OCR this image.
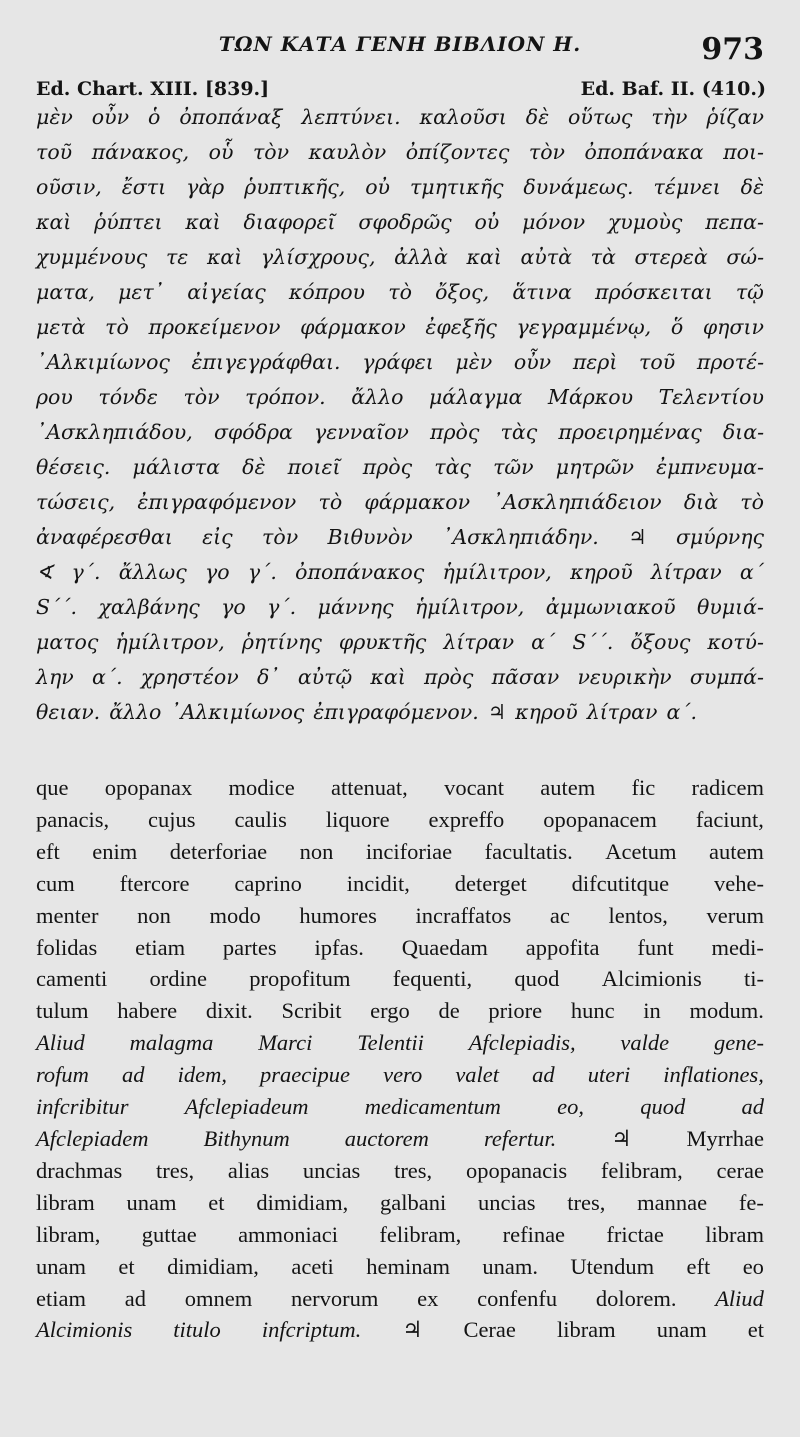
ΤΩΝ ΚΑΤΑ ΓΕΝΗ ΒΙΒΛΙΟΝ Η.	973
Ed. Chart. XIII. [839.]	Ed. Baf. II. (410.)
μὲν οὖν ὁ ὀποπάναξ λεπτύνει. καλοῦσι δὲ οὕτως τὴν ῥίζαν
τοῦ πάνακος, οὗ τὸν καυλὸν ὀπίζοντες τὸν ὀποπάνακα ποι-
οῦσιν, ἔστι γὰρ ῥυπτικῆς, οὐ τμητικῆς δυνάμεως. τέμνει δὲ
καὶ ῥύπτει καὶ διαφορεῖ σφοδρῶς οὐ μόνον χυμοὺς πεπα-
χυμμένους τε καὶ γλίσχρους, ἀλλὰ καὶ αὐτὰ τὰ στερεὰ σώ-
ματα, μετ᾽ αἰγείας κόπρου τὸ ὄξος, ἅτινα πρόσκειται τῷ
μετὰ τὸ προκείμενον φάρμακον ἐφεξῆς γεγραμμένῳ, ὅ φησιν
᾽Αλκιμίωνος ἐπιγεγράφθαι. γράφει μὲν οὖν περὶ τοῦ προτέ-
ρου τόνδε τὸν τρόπον. ἄλλο μάλαγμα Μάρκου Τελεντίου
᾽Ασκληπιάδου, σφόδρα γενναῖον πρὸς τὰς προειρημένας δια-
θέσεις. μάλιστα δὲ ποιεῖ πρὸς τὰς τῶν μητρῶν ἐμπνευμα-
τώσεις, ἐπιγραφόμενον τὸ φάρμακον ᾽Ασκληπιάδειον διὰ τὸ
ἀναφέρεσθαι εἰς τὸν Βιθυνὸν ᾽Ασκληπιάδην. ♃ σμύρνης
∢ γ΄. ἄλλως γο γ΄. ὀποπάνακος ἡμίλιτρον, κηροῦ λίτραν α΄
S΄΄. χαλβάνης γο γ΄. μάννης ἡμίλιτρον, ἀμμωνιακοῦ θυμιά-
ματος ἡμίλιτρον, ῥητίνης φρυκτῆς λίτραν α΄ S΄΄. ὄξους κοτύ-
λην α΄. χρηστέον δ᾽ αὐτῷ καὶ πρὸς πᾶσαν νευρικὴν συμπά-
θειαν. ἄλλο ᾽Αλκιμίωνος ἐπιγραφόμενον. ♃ κηροῦ λίτραν α΄.
que opopanax modice attenuat, vocant autem fic radicem
panacis, cujus caulis liquore expreffo opopanacem faciunt,
eft enim deterforiae non inciforiae facultatis. Acetum autem
cum ftercore caprino incidit, deterget difcutitque vehe-
menter non modo humores incraffatos ac lentos, verum
folidas etiam partes ipfas. Quaedam appofita funt medi-
camenti ordine propofitum fequenti, quod Alcimionis ti-
tulum habere dixit. Scribit ergo de priore hunc in modum.
Aliud malagma Marci Telentii Afclepiadis, valde gene-
rofum ad idem, praecipue vero valet ad uteri inflationes,
infcribitur Afclepiadeum medicamentum eo, quod ad
Afclepiadem Bithynum auctorem refertur. ♃ Myrrhae
drachmas tres, alias uncias tres, opopanacis felibram, cerae
libram unam et dimidiam, galbani uncias tres, mannae fe-
libram, guttae ammoniaci felibram, refinae frictae libram
unam et dimidiam, aceti heminam unam. Utendum eft eo
etiam ad omnem nervorum ex confenfu dolorem. Aliud
Alcimionis titulo infcriptum. ♃ Cerae libram unam et
